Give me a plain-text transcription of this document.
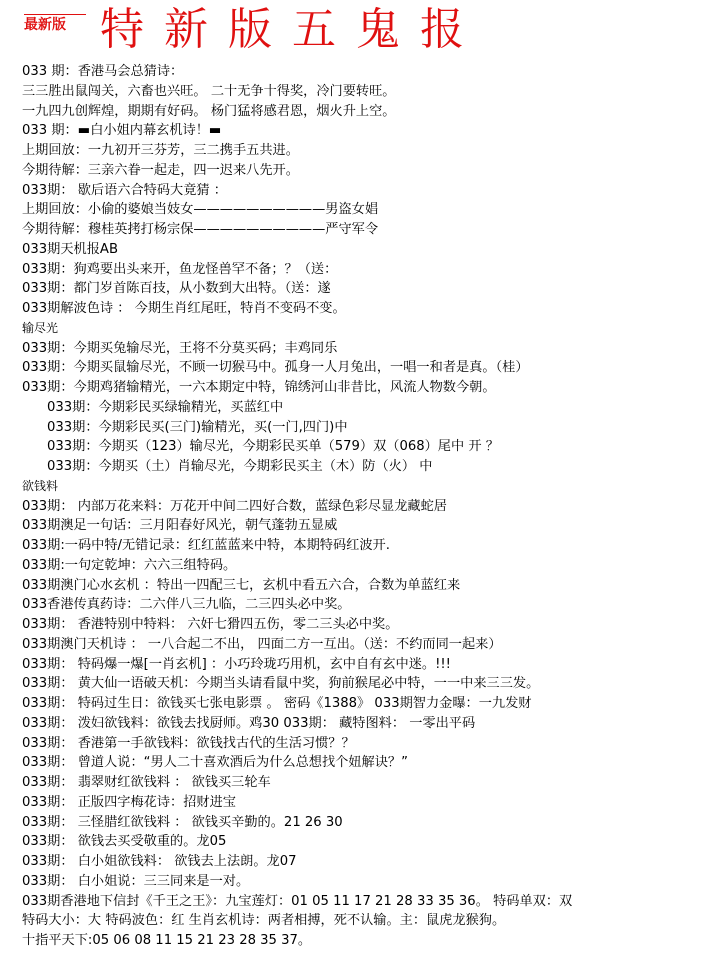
最新版 特新版五鬼报
033 期：香港马会总猜诗：
三三胜出鼠闯关，六畜也兴旺。 二十无争十得奖，冷门要转旺。
一九四九创辉煌，期期有好码。 杨门猛将感君恩，烟火升上空。
033 期：▬白小姐内幕玄机诗！▬
上期回放：一九初开三芬芳，三二携手五共进。
今期待解：三亲六眷一起走，四一迟来八先开。
033期： 歇后语六合特码大竟猜 ：
上期回放：小偷的婆娘当妓女——————————男盗女娼
今期待解：穆桂英拷打杨宗保——————————严守军令
033期天机报AB
033期：狗鸡要出头来开，鱼龙怪兽罕不备；？（送：
033期：都门岁首陈百技，从小数到大出特。（送：遂
033期解波色诗 ： 今期生肖红尾旺，特肖不变码不变。
输尽光
033期：今期买兔输尽光，王将不分莫买码；丰鸡同乐
033期：今期买鼠输尽光，不顾一切猴马中。孤身一人月兔出，一唱一和者是真。（桂）
033期：今期鸡猪输精光，一六本期定中特，锦绣河山非昔比，风流人物数今朝。
033期：今期彩民买绿输精光，买蓝红中
033期：今期彩民买(三门)输精光，买(一门,四门)中
033期：今期买（123）输尽光，今期彩民买单（579）双（068）尾中 开 ？
033期：今期买（土）肖输尽光，今期彩民买主（木）防（火） 中
欲钱料
033期： 内部万花来料：万花开中间二四好合数，蓝绿色彩尽显龙藏蛇居
033期澳足一句话：三月阳春好风光，朝气蓬勃五显威
033期:一码中特/无错记录：红红蓝蓝来中特，本期特码红波开.
033期:一句定乾坤：六六三组特码。
033期澳门心水玄机 ：特出一四配三七，玄机中看五六合，合数为单蓝红来
033香港传真药诗：二六伴八三九临，二三四头必中奖。
033期： 香港特别中特料： 六奸七猾四五伤，零二三头必中奖。
033期澳门天机诗 ： 一八合起二不出， 四面二方一互出。（送：不约而同一起来）
033期： 特码爆一爆[一肖玄机] ：小巧玲珑巧用机，玄中自有玄中迷。!!!
033期： 黄大仙一语破天机：今期当头请看鼠中奖，狗前猴尾必中特，一一中来三三发。
033期： 特码过生日：欲钱买七张电影票 。 密码《1388》 033期智力金曝：一九发财
033期： 泼妇欲钱料：欲钱去找厨师。鸡30 033期： 藏特图料： 一零出平码
033期： 香港第一手欲钱料：欲钱找古代的生活习惯？？
033期： 曾道人说：“男人二十喜欢酒后为什么总想找个妞解诀？”
033期： 翡翠财红欲钱料 ： 欲钱买三轮车
033期： 正版四字梅花诗：招财进宝
033期： 三怪腊红欲钱料 ： 欲钱买辛勤的。21 26 30
033期： 欲钱去买受敬重的。龙05
033期： 白小姐欲钱料： 欲钱去上法朗。龙07
033期： 白小姐说：三三同来是一对。
033期香港地下信封《千王之王》：九宝莲灯：01 05 11 17 21 28 33 35 36。 特码单双：双
特码大小：大 特码波色：红 生肖玄机诗：两者相搏，死不认输。主：鼠虎龙猴狗。
十指平天下:05 06 08 11 15 21 23 28 35 37。
